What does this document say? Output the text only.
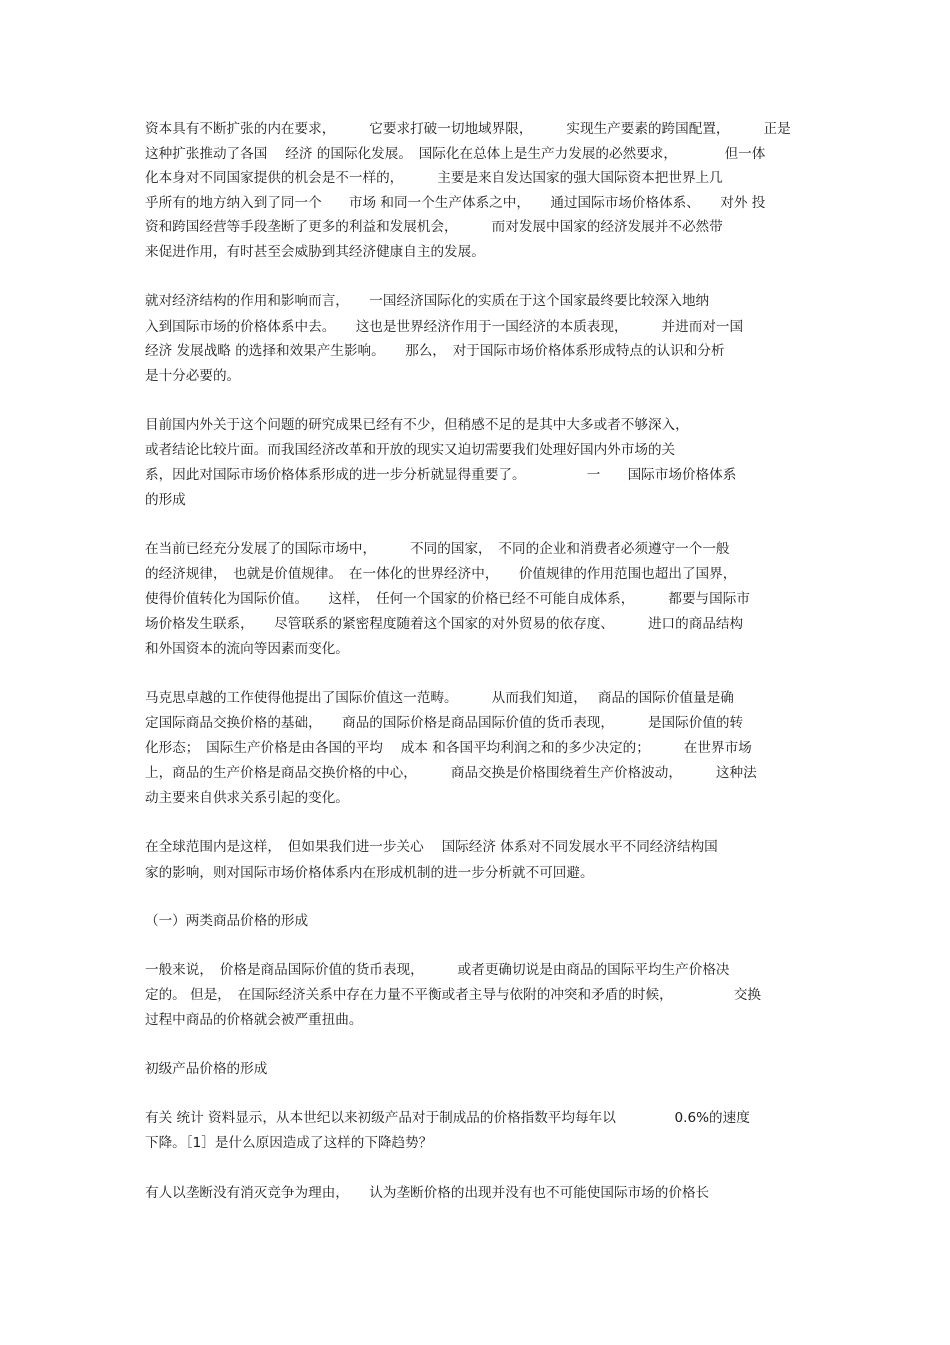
资本具有不断扩张的内在要求，　　　它要求打破一切地域界限，　　　实现生产要素的跨国配置，　　　正是
这种扩张推动了各国　 经济 的国际化发展。　国际化在总体上是生产力发展的必然要求，　　　　但一体
化本身对不同国家提供的机会是不一样的，　　　主要是来自发达国家的强大国际资本把世界上几
乎所有的地方纳入到了同一个　　市场 和同一个生产体系之中，　　通过国际市场价格体系、　　对外 投
资和跨国经营等手段垄断了更多的利益和发展机会，　　　而对发展中国家的经济发展并不必然带
来促进作用，有时甚至会威胁到其经济健康自主的发展。
就对经济结构的作用和影响而言，　　一国经济国际化的实质在于这个国家最终要比较深入地纳
入到国际市场的价格体系中去。　　这也是世界经济作用于一国经济的本质表现，　　　并进而对一国
经济 发展战略 的选择和效果产生影响。　　那么，　对于国际市场价格体系形成特点的认识和分析
是十分必要的。
目前国内外关于这个问题的研究成果已经有不少，但稍感不足的是其中大多或者不够深入，
或者结论比较片面。而我国经济改革和开放的现实又迫切需要我们处理好国内外市场的关
系，因此对国际市场价格体系形成的进一步分析就显得重要了。　　　　　一　　国际市场价格体系
的形成
在当前已经充分发展了的国际市场中，　　　不同的国家，　不同的企业和消费者必须遵守一个一般
的经济规律，　也就是价值规律。　在一体化的世界经济中，　　价值规律的作用范围也超出了国界，
使得价值转化为国际价值。　　这样，　任何一个国家的价格已经不可能自成体系，　　　都要与国际市
场价格发生联系，　　尽管联系的紧密程度随着这个国家的对外贸易的依存度、　　　进口的商品结构
和外国资本的流向等因素而变化。
马克思卓越的工作使得他提出了国际价值这一范畴。　　　从而我们知道，　 商品的国际价值量是确
定国际商品交换价格的基础，　　商品的国际价格是商品国际价值的货币表现，　　　是国际价值的转
化形态；　国际生产价格是由各国的平均　 成本 和各国平均利润之和的多少决定的；　　　在世界市场
上，商品的生产价格是商品交换价格的中心，　　　商品交换是价格围绕着生产价格波动，　　　这种法
动主要来自供求关系引起的变化。
在全球范围内是这样，　但如果我们进一步关心　 国际经济 体系对不同发展水平不同经济结构国
家的影响，则对国际市场价格体系内在形成机制的进一步分析就不可回避。
（一）两类商品价格的形成
一般来说，　价格是商品国际价值的货币表现，　　　或者更确切说是由商品的国际平均生产价格决
定的。 但是，　在国际经济关系中存在力量不平衡或者主导与依附的冲突和矛盾的时候，　　　　　交换
过程中商品的价格就会被严重扭曲。
初级产品价格的形成
有关 统计 资料显示，从本世纪以来初级产品对于制成品的价格指数平均每年以　　　　 0.6%的速度
下降。［1］是什么原因造成了这样的下降趋势？
有人以垄断没有消灭竞争为理由，　　认为垄断价格的出现并没有也不可能使国际市场的价格长
